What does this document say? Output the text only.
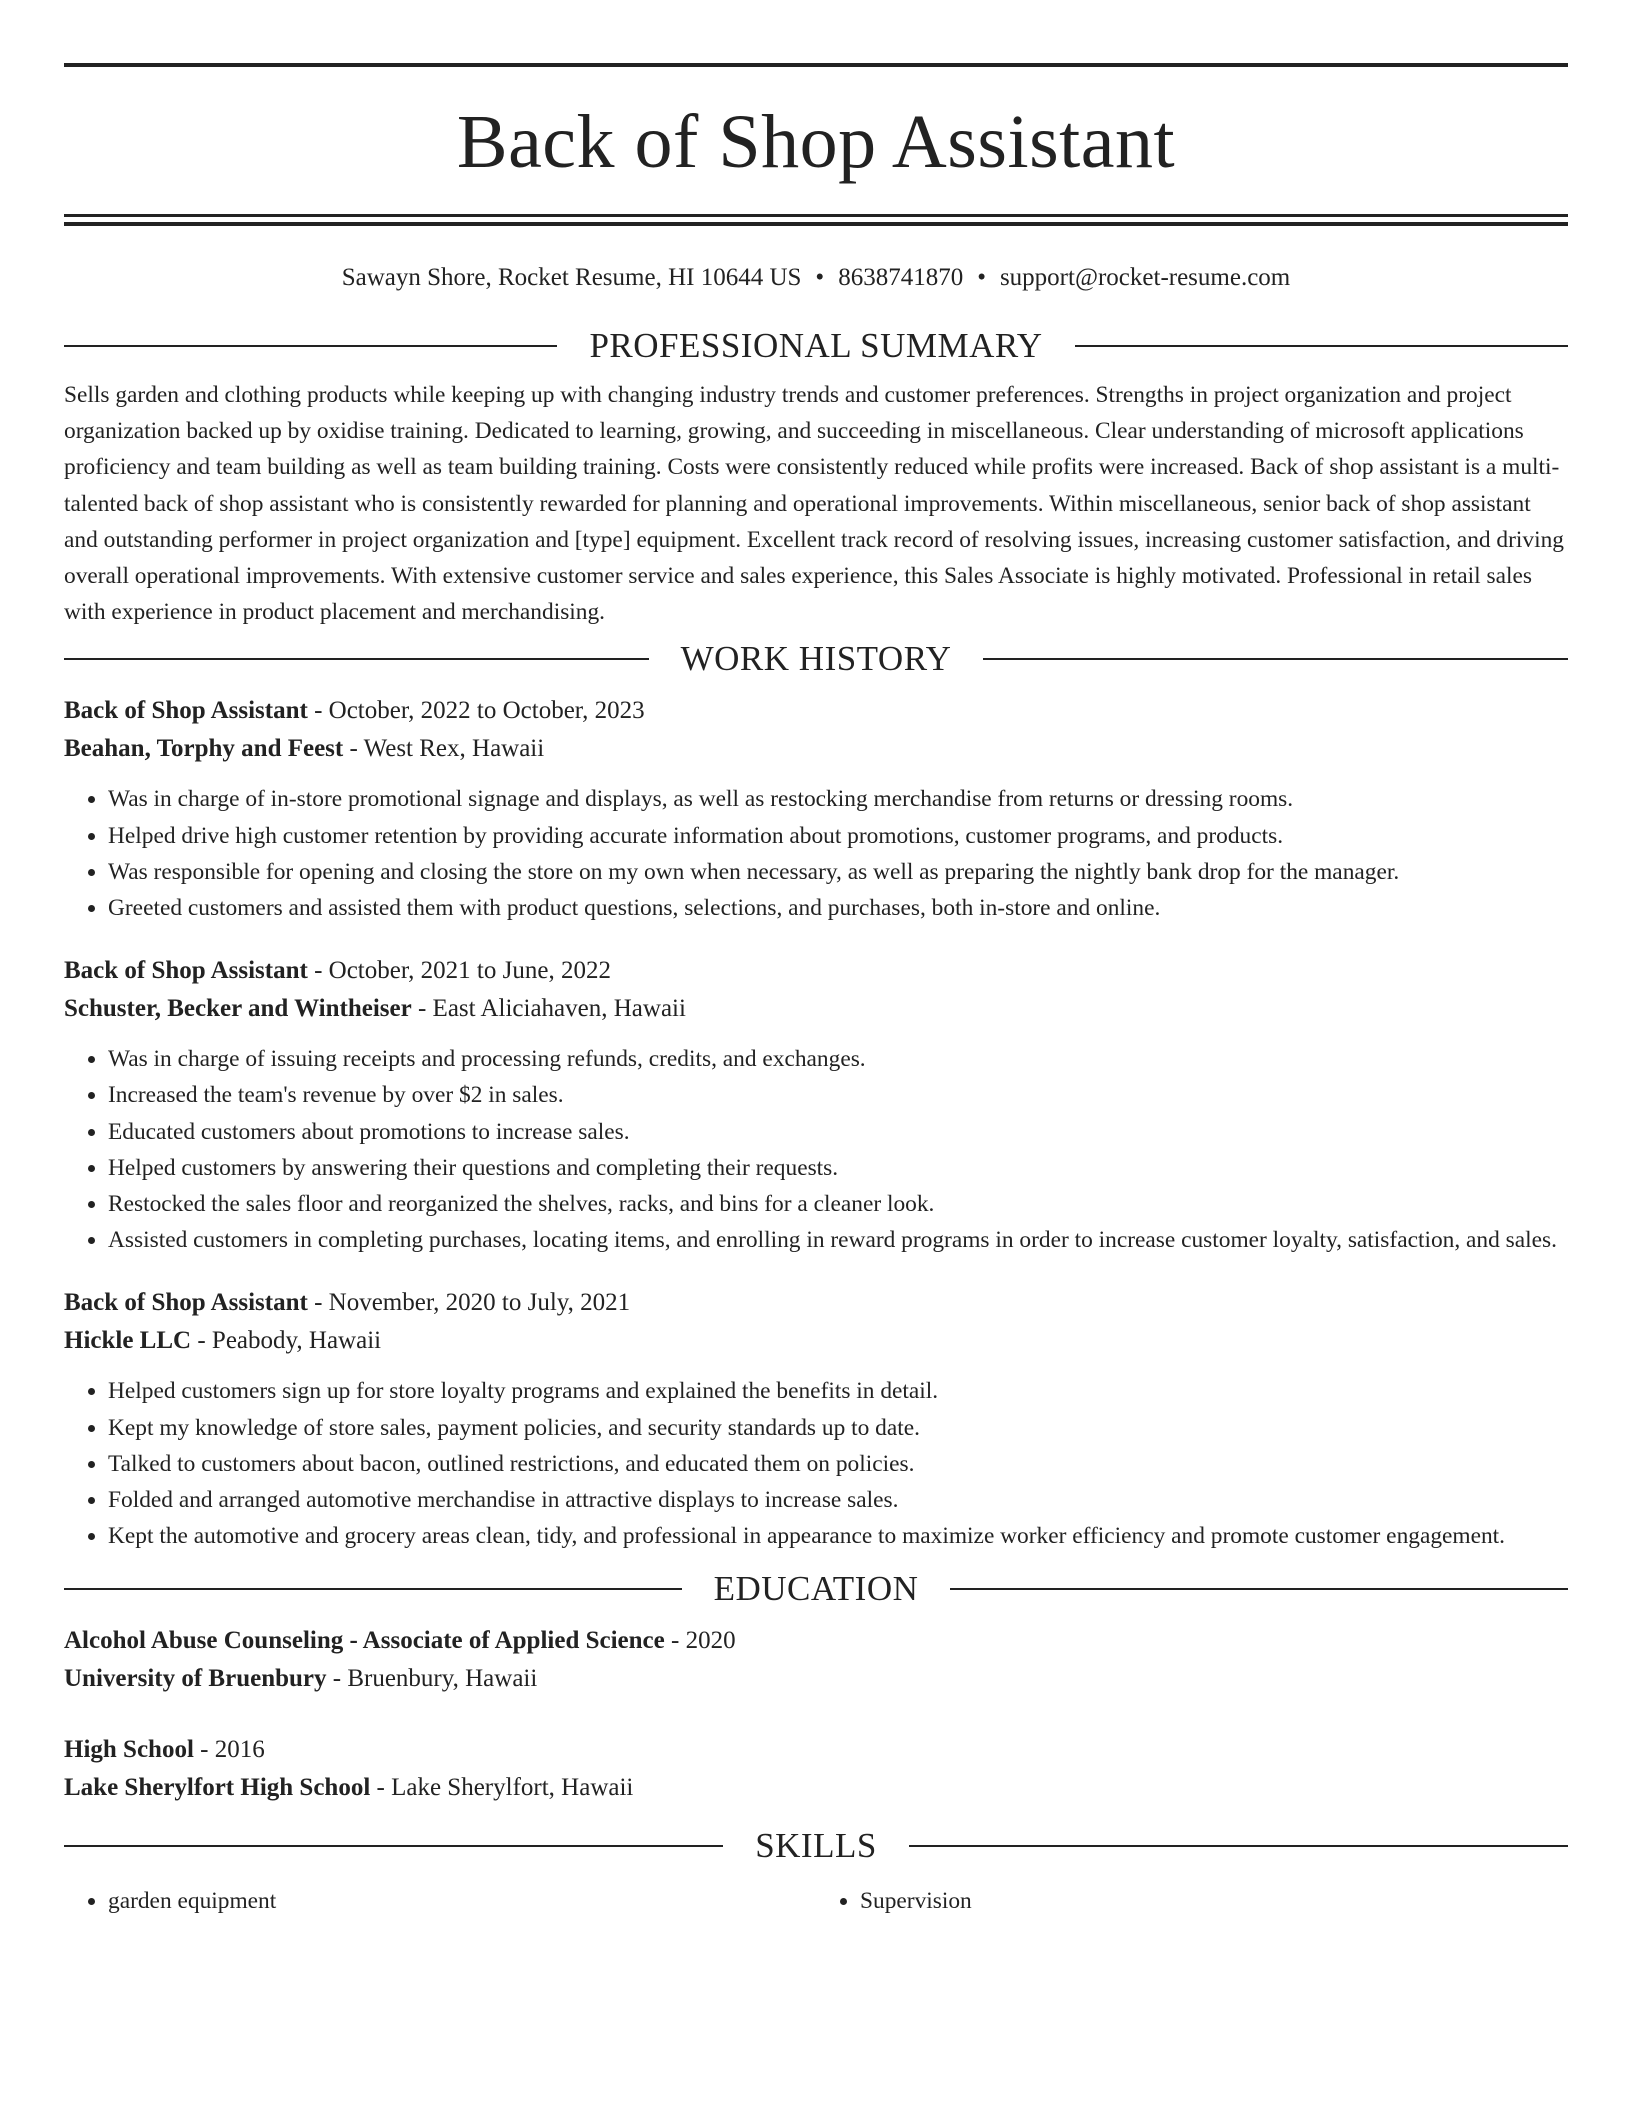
Back of Shop Assistant
Sawayn Shore, Rocket Resume, HI 10644 US • 8638741870 • support@rocket-resume.com
PROFESSIONAL SUMMARY

Sells garden and clothing products while keeping up with changing industry trends and customer preferences. Strengths in project organization and project organization backed up by oxidise training. Dedicated to learning, growing, and succeeding in miscellaneous. Clear understanding of microsoft applications proficiency and team building as well as team building training. Costs were consistently reduced while profits were increased. Back of shop assistant is a multi-talented back of shop assistant who is consistently rewarded for planning and operational improvements. Within miscellaneous, senior back of shop assistant and outstanding performer in project organization and [type] equipment. Excellent track record of resolving issues, increasing customer satisfaction, and driving overall operational improvements. With extensive customer service and sales experience, this Sales Associate is highly motivated. Professional in retail sales with experience in product placement and merchandising.

WORK HISTORY
Back of Shop Assistant - October, 2022 to October, 2023
Beahan, Torphy and Feest - West Rex, Hawaii
• Was in charge of in-store promotional signage and displays, as well as restocking merchandise from returns or dressing rooms.
• Helped drive high customer retention by providing accurate information about promotions, customer programs, and products.
• Was responsible for opening and closing the store on my own when necessary, as well as preparing the nightly bank drop for the manager.
• Greeted customers and assisted them with product questions, selections, and purchases, both in-store and online.
Back of Shop Assistant - October, 2021 to June, 2022
Schuster, Becker and Wintheiser - East Aliciahaven, Hawaii
• Was in charge of issuing receipts and processing refunds, credits, and exchanges.
• Increased the team's revenue by over $2 in sales.
• Educated customers about promotions to increase sales.
• Helped customers by answering their questions and completing their requests.
• Restocked the sales floor and reorganized the shelves, racks, and bins for a cleaner look.
• Assisted customers in completing purchases, locating items, and enrolling in reward programs in order to increase customer loyalty, satisfaction, and sales.
Back of Shop Assistant - November, 2020 to July, 2021
Hickle LLC - Peabody, Hawaii
• Helped customers sign up for store loyalty programs and explained the benefits in detail.
• Kept my knowledge of store sales, payment policies, and security standards up to date.
• Talked to customers about bacon, outlined restrictions, and educated them on policies.
• Folded and arranged automotive merchandise in attractive displays to increase sales.
• Kept the automotive and grocery areas clean, tidy, and professional in appearance to maximize worker efficiency and promote customer engagement.
EDUCATION
Alcohol Abuse Counseling - Associate of Applied Science - 2020
University of Bruenbury - Bruenbury, Hawaii
High School - 2016
Lake Sherylfort High School - Lake Sherylfort, Hawaii
SKILLS
• garden equipment
•	Supervision
